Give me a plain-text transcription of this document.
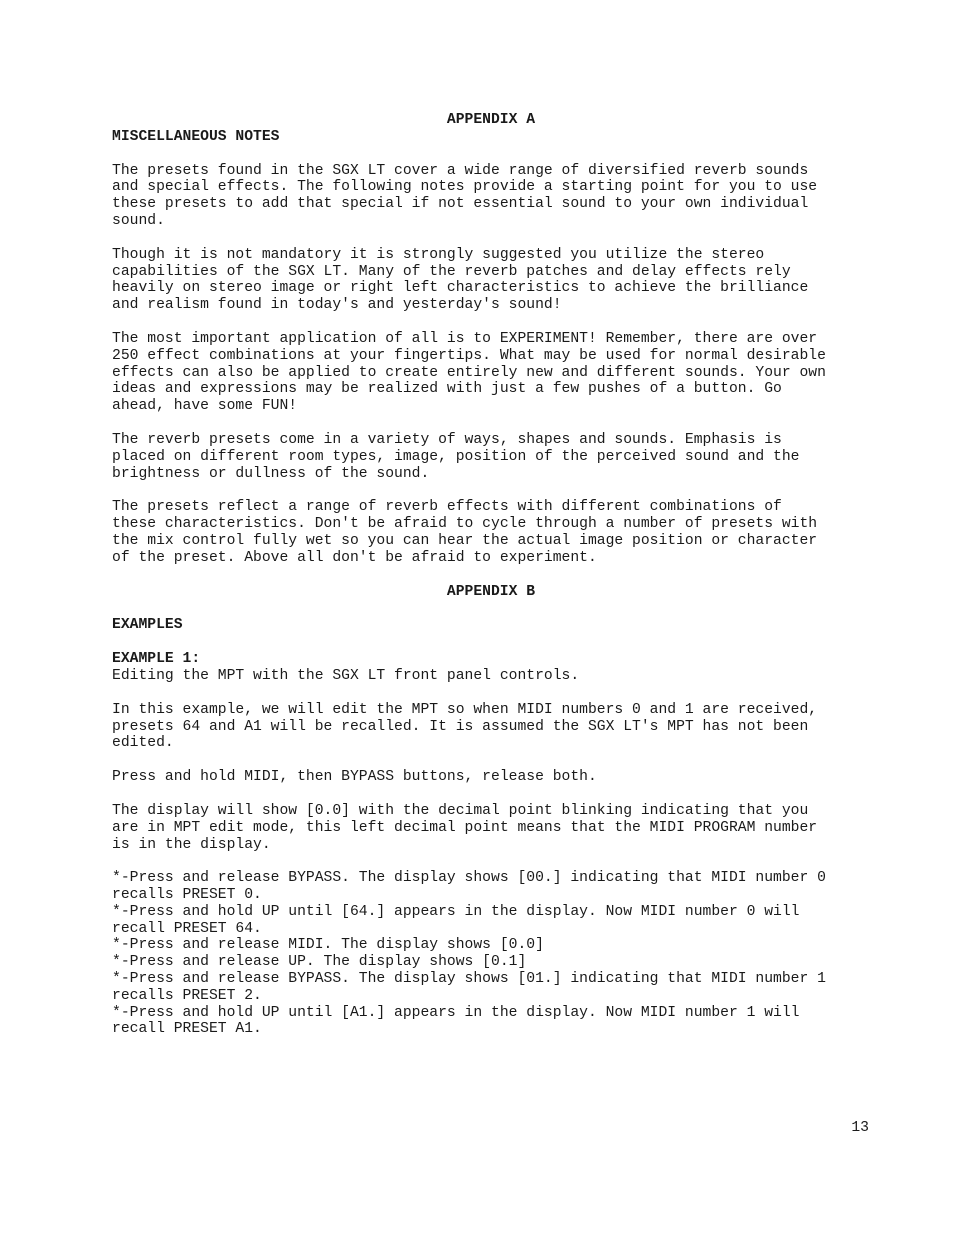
APPENDIX A

MISCELLANEOUS NOTES

The presets found in the SGX LT cover a wide range of diversified reverb sounds
and special effects. The following notes provide a starting point for you to use
these presets to add that special if not essential sound to your own individual
sound.

Though it is not mandatory it is strongly suggested you utilize the stereo
capabilities of the SGX LT. Many of the reverb patches and delay effects rely
heavily on stereo image or right left characteristics to achieve the brilliance
and realism found in today's and yesterday's sound!

The most important application of all is to EXPERIMENT! Remember, there are over
250 effect combinations at your fingertips. What may be used for normal desirable
effects can also be applied to create entirely new and different sounds. Your own
ideas and expressions may be realized with just a few pushes of a button. Go
ahead, have some FUN!

The reverb presets come in a variety of ways, shapes and sounds. Emphasis is
placed on different room types, image, position of the perceived sound and the
brightness or dullness of the sound.

The presets reflect a range of reverb effects with different combinations of
these characteristics. Don't be afraid to cycle through a number of presets with
the mix control fully wet so you can hear the actual image position or character
of the preset. Above all don't be afraid to experiment.

APPENDIX B

EXAMPLES

EXAMPLE 1:

Editing the MPT with the SGX LT front panel controls.

In this example, we will edit the MPT so when MIDI numbers 0 and 1 are received,
presets 64 and A1 will be recalled. It is assumed the SGX LT's MPT has not been
edited.

Press and hold MIDI, then BYPASS buttons, release both.

The display will show [0.0] with the decimal point blinking indicating that you
are in MPT edit mode, this left decimal point means that the MIDI PROGRAM number
is in the display.

*-Press and release BYPASS. The display shows [00.] indicating that MIDI number 0
recalls PRESET 0.

*-Press and hold UP until [64.] appears in the display. Now MIDI number 0 will
recall PRESET 64.

*-Press and release MIDI. The display shows [0.0]

*-Press and release UP. The display shows [0.1]

*-Press and release BYPASS. The display shows [01.] indicating that MIDI number 1
recalls PRESET 2.

*-Press and hold UP until [A1.] appears in the display. Now MIDI number 1 will
recall PRESET A1.

13
